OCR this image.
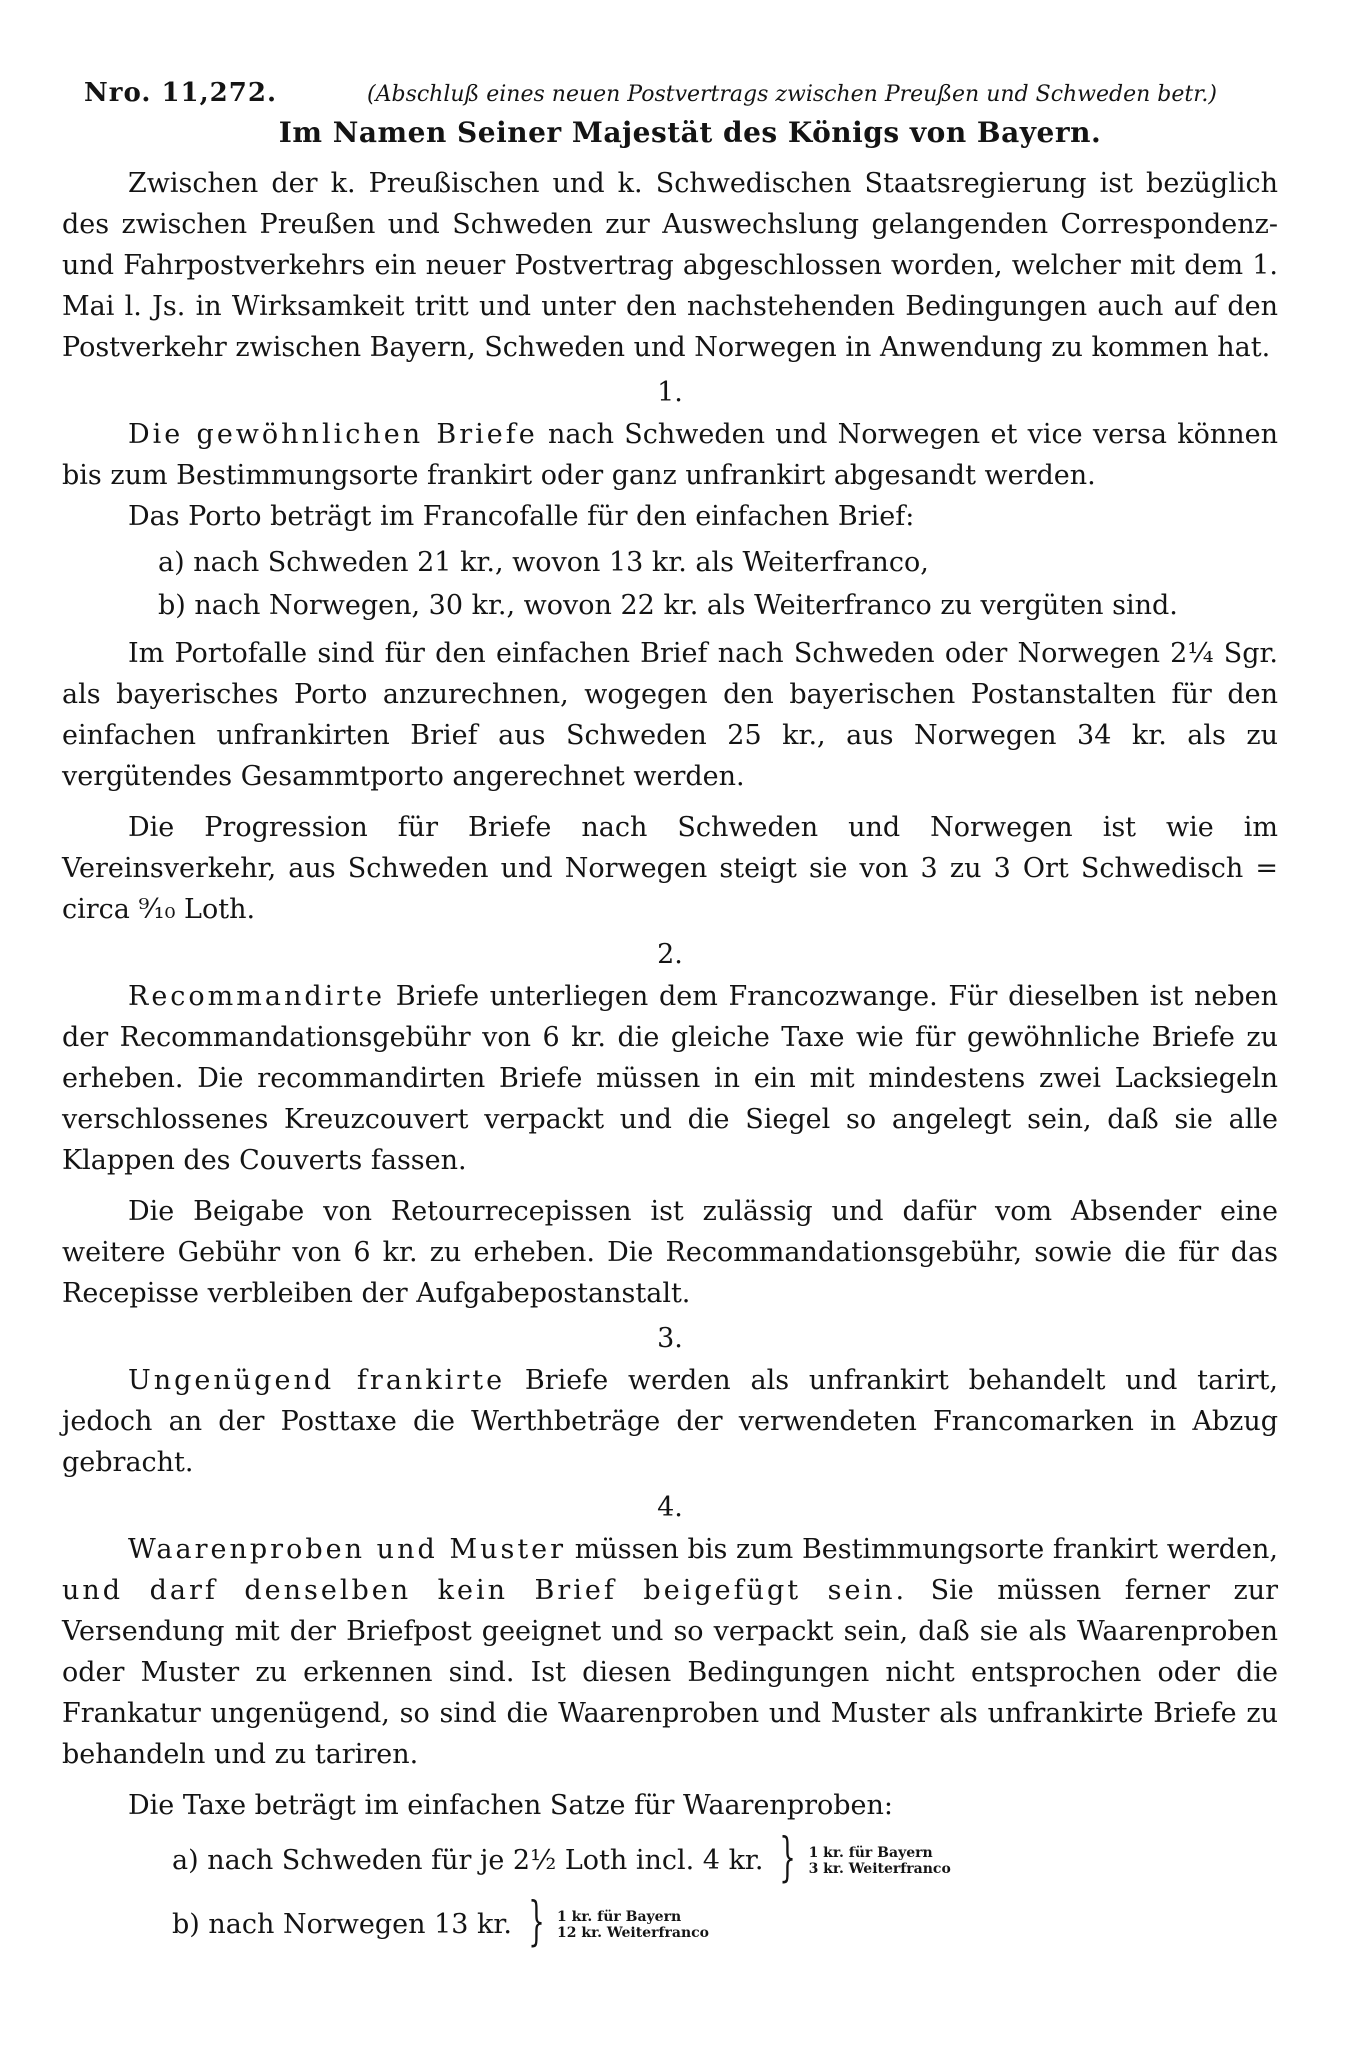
Nro. 11,272.	(Abschluß eines neuen Postvertrags zwischen Preußen und Schweden betr.)
Im Namen Seiner Majestät des Königs von Bayern.

Zwischen der k. Preußischen und k. Schwedischen Staatsregierung ist bezüglich des zwischen Preußen und Schweden zur Auswechslung gelangenden Correspondenz- und Fahrpostverkehrs ein neuer Postvertrag abgeschlossen worden, welcher mit dem 1. Mai l. Js. in Wirksamkeit tritt und unter den nachstehenden Bedingungen auch auf den Postverkehr zwischen Bayern, Schweden und Norwegen in Anwendung zu kommen hat.

1.

Die gewöhnlichen Briefe nach Schweden und Norwegen et vice versa können bis zum Bestimmungsorte frankirt oder ganz unfrankirt abgesandt werden.

Das Porto beträgt im Francofalle für den einfachen Brief:

a) nach Schweden 21 kr., wovon 13 kr. als Weiterfranco,
b) nach Norwegen, 30 kr., wovon 22 kr. als Weiterfranco zu vergüten sind.

Im Portofalle sind für den einfachen Brief nach Schweden oder Norwegen 2¼ Sgr. als bayerisches Porto anzurechnen, wogegen den bayerischen Postanstalten für den einfachen unfrankirten Brief aus Schweden 25 kr., aus Norwegen 34 kr. als zu vergütendes Gesammtporto angerechnet werden.

Die Progression für Briefe nach Schweden und Norwegen ist wie im Vereinsverkehr, aus Schweden und Norwegen steigt sie von 3 zu 3 Ort Schwedisch = circa ⁹⁄₁₀ Loth.

2.

Recommandirte Briefe unterliegen dem Francozwange. Für dieselben ist neben der Recommandationsgebühr von 6 kr. die gleiche Taxe wie für gewöhnliche Briefe zu erheben. Die recommandirten Briefe müssen in ein mit mindestens zwei Lacksiegeln verschlossenes Kreuzcouvert verpackt und die Siegel so angelegt sein, daß sie alle Klappen des Couverts fassen.

Die Beigabe von Retourrecepissen ist zulässig und dafür vom Absender eine weitere Gebühr von 6 kr. zu erheben. Die Recommandationsgebühr, sowie die für das Recepisse verbleiben der Aufgabepostanstalt.

3.

Ungenügend frankirte Briefe werden als unfrankirt behandelt und tarirt, jedoch an der Posttaxe die Werthbeträge der verwendeten Francomarken in Abzug gebracht.

4.

Waarenproben und Muster müssen bis zum Bestimmungsorte frankirt werden, und darf denselben kein Brief beigefügt sein. Sie müssen ferner zur Versendung mit der Briefpost geeignet und so verpackt sein, daß sie als Waarenproben oder Muster zu erkennen sind. Ist diesen Bedingungen nicht entsprochen oder die Frankatur ungenügend, so sind die Waarenproben und Muster als unfrankirte Briefe zu behandeln und zu tariren.

Die Taxe beträgt im einfachen Satze für Waarenproben:

a) nach Schweden für je 2½ Loth incl. 4 kr. } 1 kr. für Bayern
3 kr. Weiterfranco
b) nach Norwegen 13 kr. } 1 kr. für Bayern
12 kr. Weiterfranco
